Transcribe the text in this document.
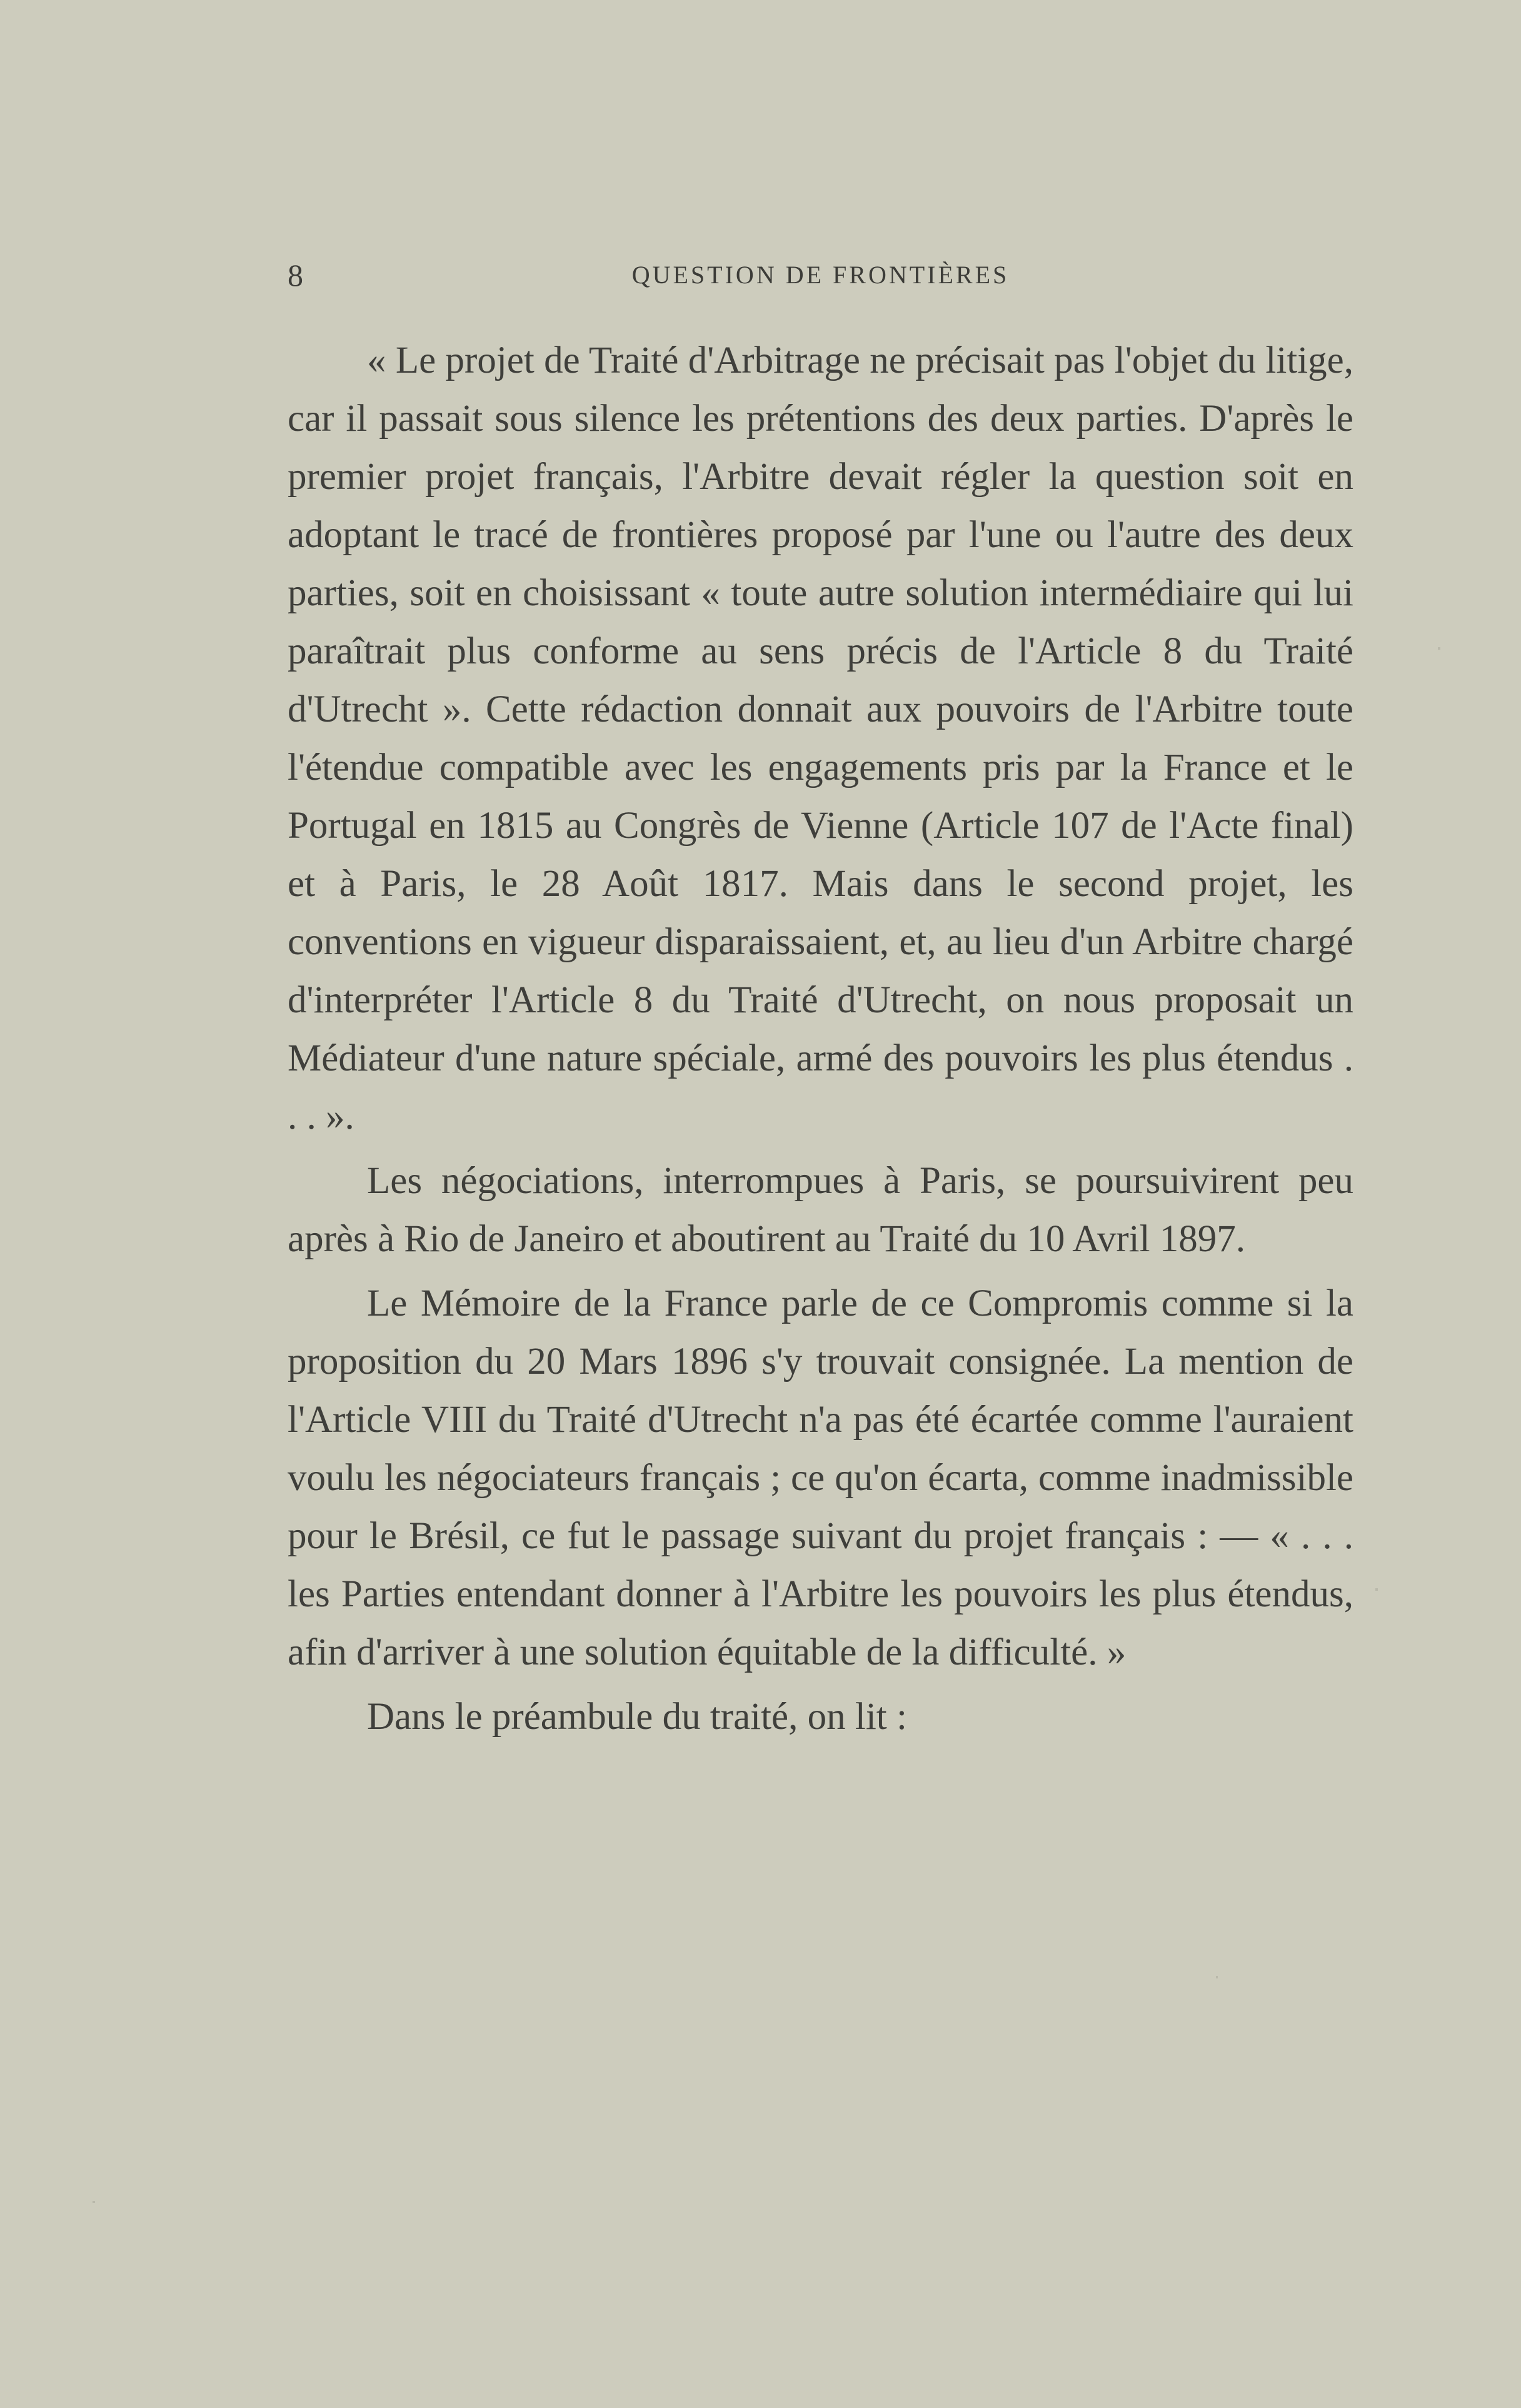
8	QUESTION DE FRONTIÈRES

« Le projet de Traité d'Arbitrage ne précisait pas l'objet du litige, car il passait sous silence les prétentions des deux parties. D'après le premier projet français, l'Arbitre devait régler la question soit en adoptant le tracé de frontières proposé par l'une ou l'autre des deux parties, soit en choisissant « toute autre solution intermédiaire qui lui paraîtrait plus conforme au sens précis de l'Article 8 du Traité d'Utrecht ». Cette rédaction donnait aux pouvoirs de l'Arbitre toute l'étendue compatible avec les engagements pris par la France et le Portugal en 1815 au Congrès de Vienne (Article 107 de l'Acte final) et à Paris, le 28 Août 1817. Mais dans le second projet, les conventions en vigueur disparaissaient, et, au lieu d'un Arbitre chargé d'interpréter l'Article 8 du Traité d'Utrecht, on nous proposait un Médiateur d'une nature spéciale, armé des pouvoirs les plus étendus . . . ».

Les négociations, interrompues à Paris, se poursuivirent peu après à Rio de Janeiro et aboutirent au Traité du 10 Avril 1897.

Le Mémoire de la France parle de ce Compromis comme si la proposition du 20 Mars 1896 s'y trouvait consignée. La mention de l'Article VIII du Traité d'Utrecht n'a pas été écartée comme l'auraient voulu les négociateurs français ; ce qu'on écarta, comme inadmissible pour le Brésil, ce fut le passage suivant du projet français : — « . . . les Parties entendant donner à l'Arbitre les pouvoirs les plus étendus, afin d'arriver à une solution équitable de la difficulté. »

Dans le préambule du traité, on lit :
